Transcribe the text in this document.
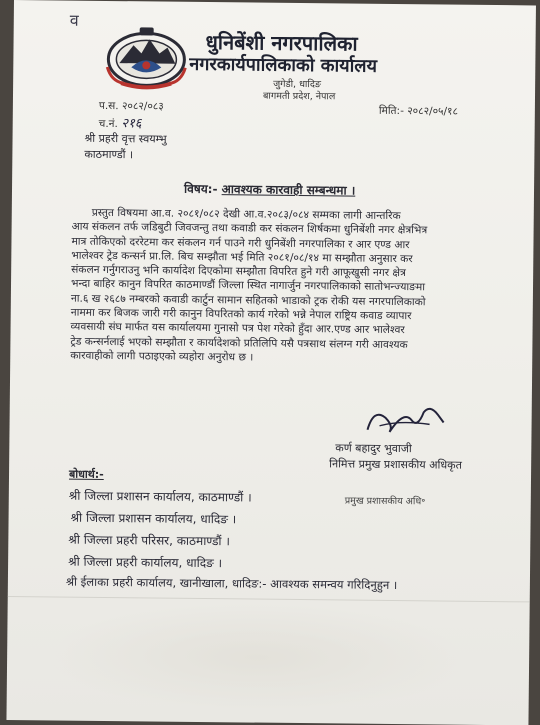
व
धुनिबेंशी नगरपालिका
नगरकार्यपालिकाको कार्यालय
जुगेडी, धादिङ
बागमती प्रदेश, नेपाल
प.स. २०८२/०८३
च.नं. २१६
मिति:- २०८२/०५/१८
श्री प्रहरी वृत्त स्वयम्भु
काठमाण्डौं ।
विषय:- आवश्यक कारवाही सम्बन्धमा ।
प्रस्तुत विषयमा आ.व. २०८१/०८२ देखी आ.व.२०८३/०८४ सम्मका लागी आन्तरिक
आय संकलन तर्फ जडिबुटी जिवजन्तु तथा कवाडी कर संकलन शिर्षकमा धुनिबेंशी नगर क्षेत्रभित्र
मात्र तोकिएको दररेटमा कर संकलन गर्न पाउने गरी धुनिबेंशी नगरपालिका र आर एण्ड आर
भालेश्वर ट्रेड कन्सर्न प्रा.लि. बिच सम्झौता भई मिति २०८१/०८/१४ मा सम्झौता अनुसार कर
संकलन गर्नुगराउनु भनि कार्यादेश दिएकोमा सम्झौता विपरित हुने गरी आफूखुसी नगर क्षेत्र
भन्दा बाहिर कानुन विपरित काठमाण्डौं जिल्ला स्थित नागार्जुन नगरपालिकाको सातोभन्ज्याङमा
ना.६ ख २६८७ नम्बरको कवाडी कार्टुन सामान सहितको भाडाको ट्रक रोकी यस नगरपालिकाको
नाममा कर बिजक जारी गरी कानुन विपरितको कार्य गरेको भन्ने नेपाल राष्ट्रिय कवाड व्यापार
व्यवसायी संघ मार्फत यस कार्यालयमा गुनासो पत्र पेश गरेको हुँदा आर.एण्ड आर भालेश्वर
ट्रेड कन्सर्नलाई भएको सम्झौता र कार्यादेशको प्रतिलिपि यसै पत्रसाथ संलग्न गरी आवश्यक
कारवाहीको लागी पठाइएको व्यहोरा अनुरोध छ ।
कर्ण बहादुर भुवाजी
निमित्त प्रमुख प्रशासकीय अधिकृत
बोधार्थ:-
प्रमुख प्रशासकीय अधि॰
श्री जिल्ला प्रशासन कार्यालय, काठमाण्डौं ।
श्री जिल्ला प्रशासन कार्यालय, धादिङ ।
श्री जिल्ला प्रहरी परिसर, काठमाण्डौं ।
श्री जिल्ला प्रहरी कार्यालय, धादिङ ।
श्री ईलाका प्रहरी कार्यालय, खानीखाला, धादिङ:- आवश्यक समन्वय गरिदिनुहुन ।
